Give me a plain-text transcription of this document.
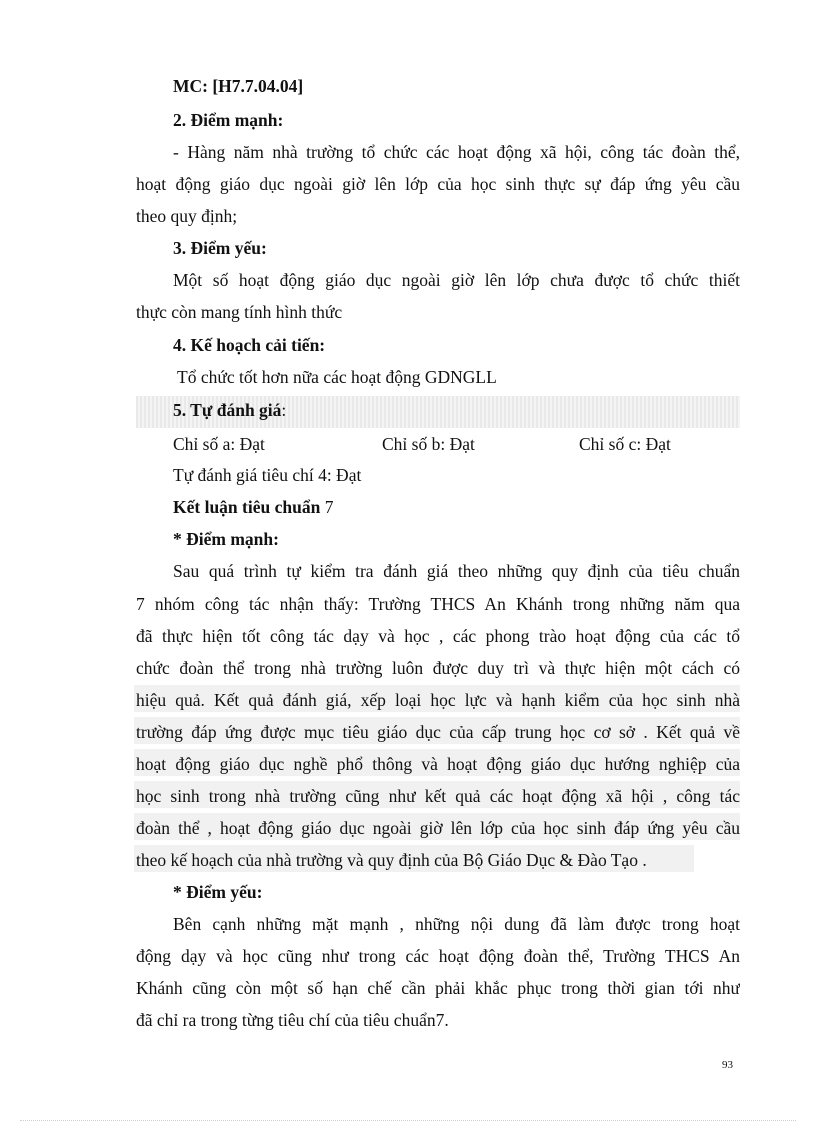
MC: [H7.7.04.04]
2. Điểm mạnh:
- Hàng năm nhà trường tổ chức các hoạt động xã hội, công tác đoàn thể,
hoạt động giáo dục ngoài giờ lên lớp của học sinh thực sự đáp ứng yêu cầu
theo quy định;
3. Điểm yếu:
Một số hoạt động giáo dục ngoài giờ lên lớp chưa được tổ chức thiết
thực còn mang tính hình thức
4. Kế hoạch cải tiến:
Tổ chức tốt hơn nữa các hoạt động GDNGLL
5. Tự đánh giá:
Chỉ số a: Đạt	Chỉ số b: Đạt	Chỉ số c: Đạt
Tự đánh giá tiêu chí 4: Đạt
Kết luận tiêu chuẩn 7
* Điểm mạnh:
Sau quá trình tự kiểm tra đánh giá theo những quy định của tiêu chuẩn
7 nhóm công tác nhận thấy: Trường THCS An Khánh trong những năm qua
đã thực hiện tốt công tác dạy và học , các phong trào hoạt động của các tổ
chức đoàn thể trong nhà trường luôn được duy trì và thực hiện một cách có
hiệu quả. Kết quả đánh giá, xếp loại học lực và hạnh kiểm của học sinh nhà
trường đáp ứng được mục tiêu giáo dục của cấp trung học cơ sở . Kết quả về
hoạt động giáo dục nghề phổ thông và hoạt động giáo dục hướng nghiệp của
học sinh trong nhà trường cũng như kết quả các hoạt động xã hội , công tác
đoàn thể , hoạt động giáo dục ngoài giờ lên lớp của học sinh đáp ứng yêu cầu
theo kế hoạch của nhà trường và quy định của Bộ Giáo Dục & Đào Tạo .
* Điểm yếu:
Bên cạnh những mặt mạnh , những nội dung đã làm được trong hoạt
động dạy và học cũng như trong các hoạt động đoàn thể, Trường THCS An
Khánh cũng còn một số hạn chế cần phải khắc phục trong thời gian tới như
đã chỉ ra trong từng tiêu chí của tiêu chuẩn7.
93
